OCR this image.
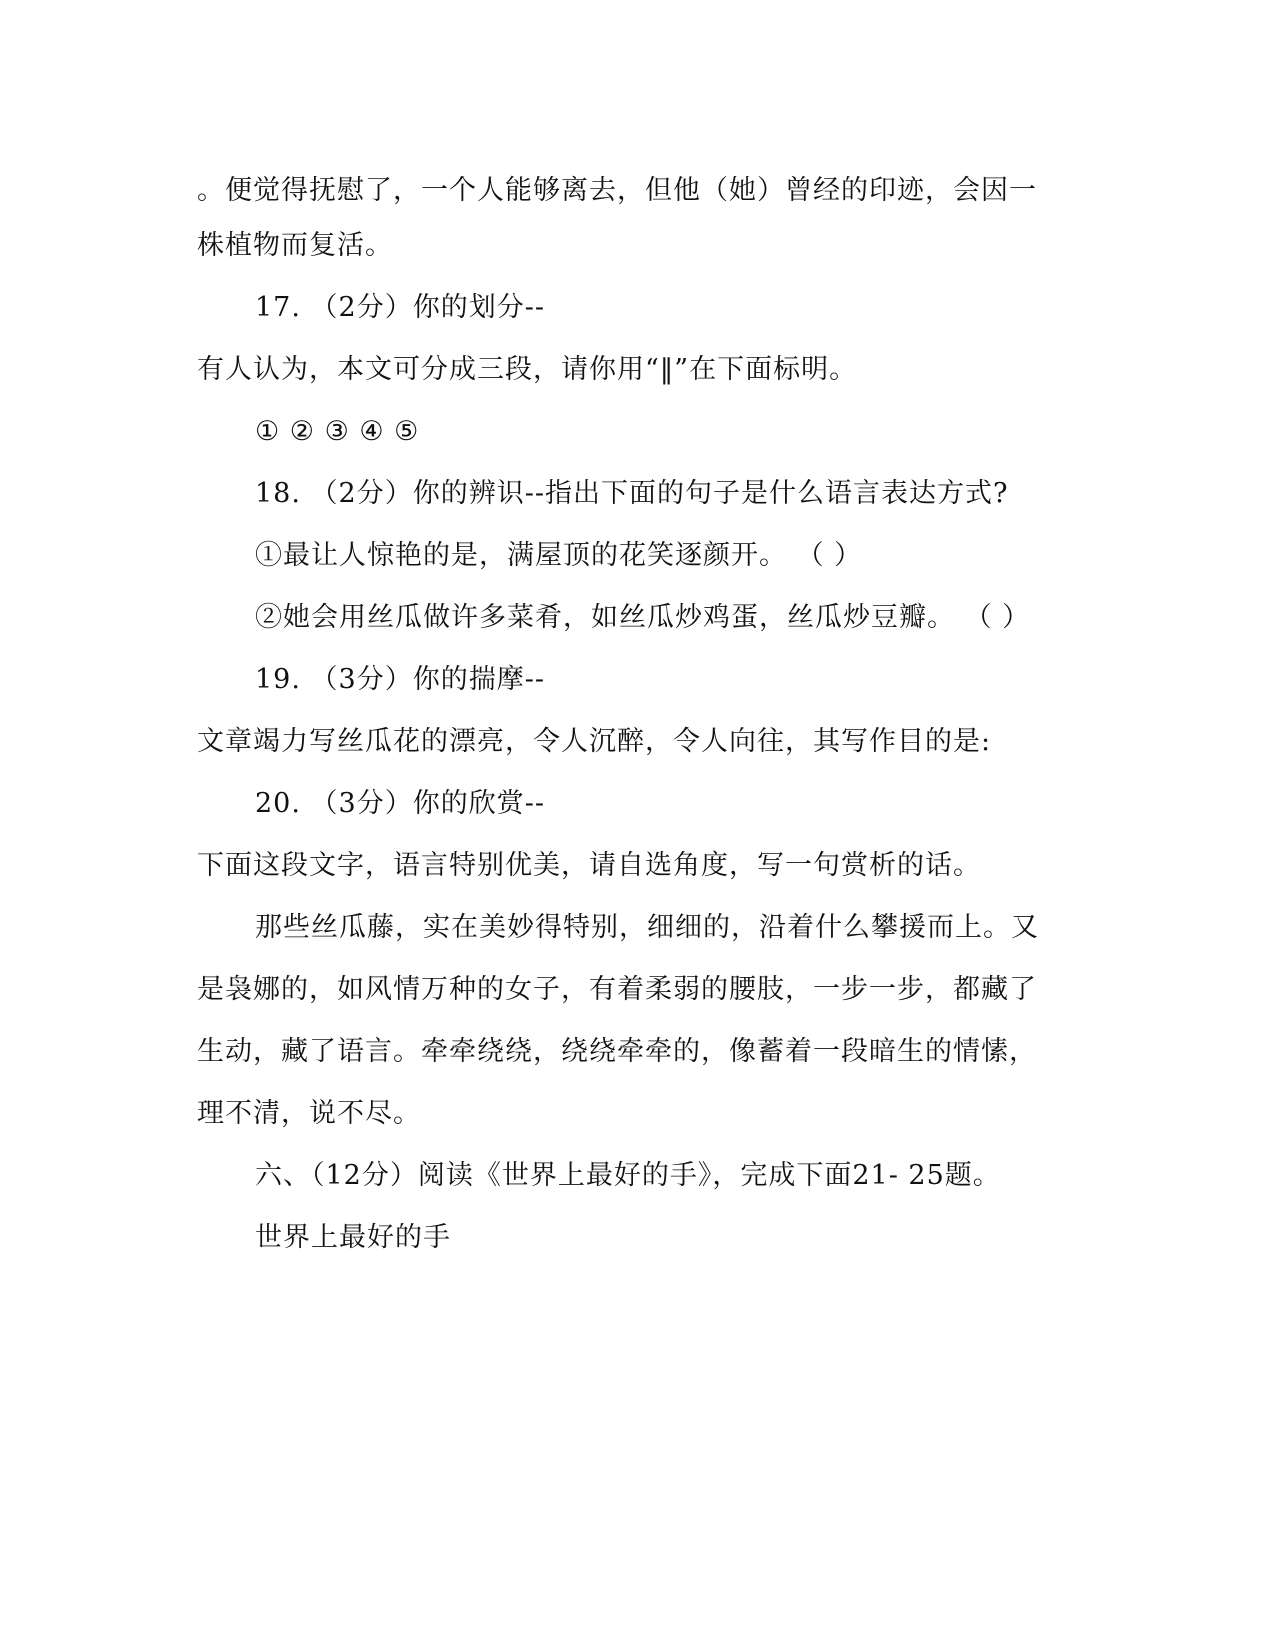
。便觉得抚慰了，一个人能够离去，但他（她）曾经的印迹，会因一
株植物而复活。
17. （2分）你的划分--
有人认为，本文可分成三段，请你用“‖”在下面标明。
① ② ③ ④ ⑤
18. （2分）你的辨识--指出下面的句子是什么语言表达方式?
①最让人惊艳的是，满屋顶的花笑逐颜开。 （ ）
②她会用丝瓜做许多菜肴，如丝瓜炒鸡蛋，丝瓜炒豆瓣。 （ ）
19. （3分）你的揣摩--
文章竭力写丝瓜花的漂亮，令人沉醉，令人向往，其写作目的是:
20. （3分）你的欣赏--
下面这段文字，语言特别优美，请自选角度，写一句赏析的话。
那些丝瓜藤，实在美妙得特别，细细的，沿着什么攀援而上。又
是袅娜的，如风情万种的女子，有着柔弱的腰肢，一步一步，都藏了
生动，藏了语言。牵牵绕绕，绕绕牵牵的，像蓄着一段暗生的情愫，
理不清，说不尽。
六、（12分）阅读《世界上最好的手》，完成下面21- 25题。
世界上最好的手
